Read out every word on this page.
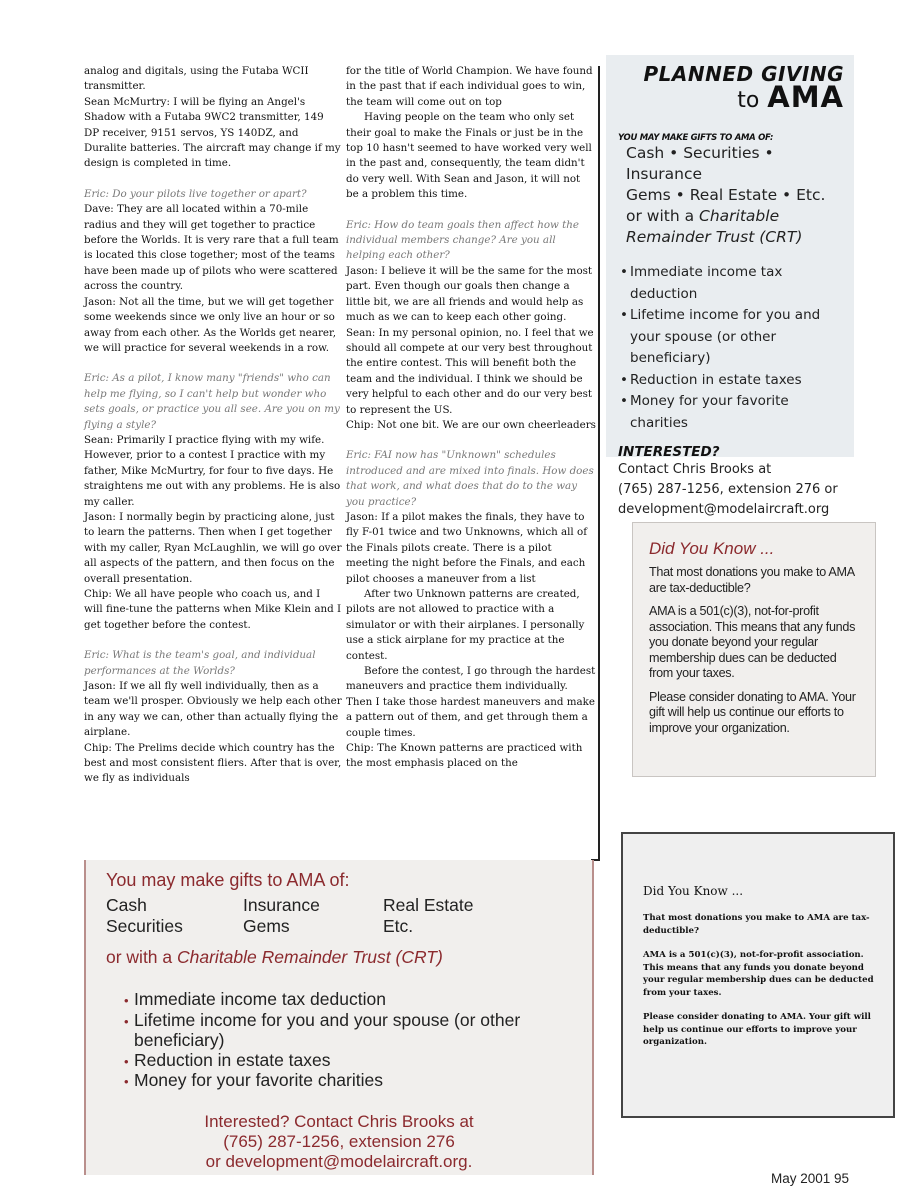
analog and digitals, using the Futaba WCII transmitter.

Sean McMurtry: I will be flying an Angel's Shadow with a Futaba 9WC2 transmitter, 149 DP receiver, 9151 servos, YS 140DZ, and Duralite batteries. The aircraft may change if my design is completed in time.

Eric: Do your pilots live together or apart?

Dave: They are all located within a 70-mile radius and they will get together to practice before the Worlds. It is very rare that a full team is located this close together; most of the teams have been made up of pilots who were scattered across the country.

Jason: Not all the time, but we will get together some weekends since we only live an hour or so away from each other. As the Worlds get nearer, we will practice for several weekends in a row.

Eric: As a pilot, I know many "friends" who can help me flying, so I can't help but wonder who sets goals, or practice you all see. Are you on my flying a style?

Sean: Primarily I practice flying with my wife. However, prior to a contest I practice with my father, Mike McMurtry, for four to five days. He straightens me out with any problems. He is also my caller.

Jason: I normally begin by practicing alone, just to learn the patterns. Then when I get together with my caller, Ryan McLaughlin, we will go over all aspects of the pattern, and then focus on the overall presentation.

Chip: We all have people who coach us, and I will fine-tune the patterns when Mike Klein and I get together before the contest.

Eric: What is the team's goal, and individual performances at the Worlds?

Jason: If we all fly well individually, then as a team we'll prosper. Obviously we help each other in any way we can, other than actually flying the airplane.

Chip: The Prelims decide which country has the best and most consistent fliers. After that is over, we fly as individuals

for the title of World Champion. We have found in the past that if each individual goes to win, the team will come out on top

Having people on the team who only set their goal to make the Finals or just be in the top 10 hasn't seemed to have worked very well in the past and, consequently, the team didn't do very well. With Sean and Jason, it will not be a problem this time.

Eric: How do team goals then affect how the individual members change? Are you all helping each other?

Jason: I believe it will be the same for the most part. Even though our goals then change a little bit, we are all friends and would help as much as we can to keep each other going.

Sean: In my personal opinion, no. I feel that we should all compete at our very best throughout the entire contest. This will benefit both the team and the individual. I think we should be very helpful to each other and do our very best to represent the US.

Chip: Not one bit. We are our own cheerleaders

Eric: FAI now has "Unknown" schedules introduced and are mixed into finals. How does that work, and what does that do to the way you practice?

Jason: If a pilot makes the finals, they have to fly F-01 twice and two Unknowns, which all of the Finals pilots create. There is a pilot meeting the night before the Finals, and each pilot chooses a maneuver from a list

After two Unknown patterns are created, pilots are not allowed to practice with a simulator or with their airplanes. I personally use a stick airplane for my practice at the contest.

Before the contest, I go through the hardest maneuvers and practice them individually. Then I take those hardest maneuvers and make a pattern out of them, and get through them a couple times.

Chip: The Known patterns are practiced with the most emphasis placed on the

PLANNED GIVING
to AMA
YOU MAY MAKE GIFTS TO AMA OF:
Cash • Securities • Insurance
Gems • Real Estate • Etc.
or with a Charitable
Remainder Trust (CRT)
• Immediate income tax deduction
• Lifetime income for you and your spouse (or other beneficiary)
• Reduction in estate taxes
• Money for your favorite charities
INTERESTED?
Contact Chris Brooks at
(765) 287-1256, extension 276 or
development@modelaircraft.org
Did You Know ...

That most donations you make to AMA are tax-deductible?

AMA is a 501(c)(3), not-for-profit association. This means that any funds you donate beyond your regular membership dues can be deducted from your taxes.

Please consider donating to AMA. Your gift will help us continue our efforts to improve your organization.

Did You Know ...

That most donations you make to AMA are tax-deductible?

AMA is a 501(c)(3), not-for-profit association. This means that any funds you donate beyond your regular membership dues can be deducted from your taxes.

Please consider donating to AMA. Your gift will help us continue our efforts to improve your organization.

You may make gifts to AMA of:
Cash	Insurance	Real Estate
Securities	Gems	Etc.
or with a Charitable Remainder Trust (CRT)
• Immediate income tax deduction
• Lifetime income for you and your spouse (or other beneficiary)
• Reduction in estate taxes
• Money for your favorite charities
Interested? Contact Chris Brooks at
(765) 287-1256, extension 276
or development@modelaircraft.org.
May 2001 95
